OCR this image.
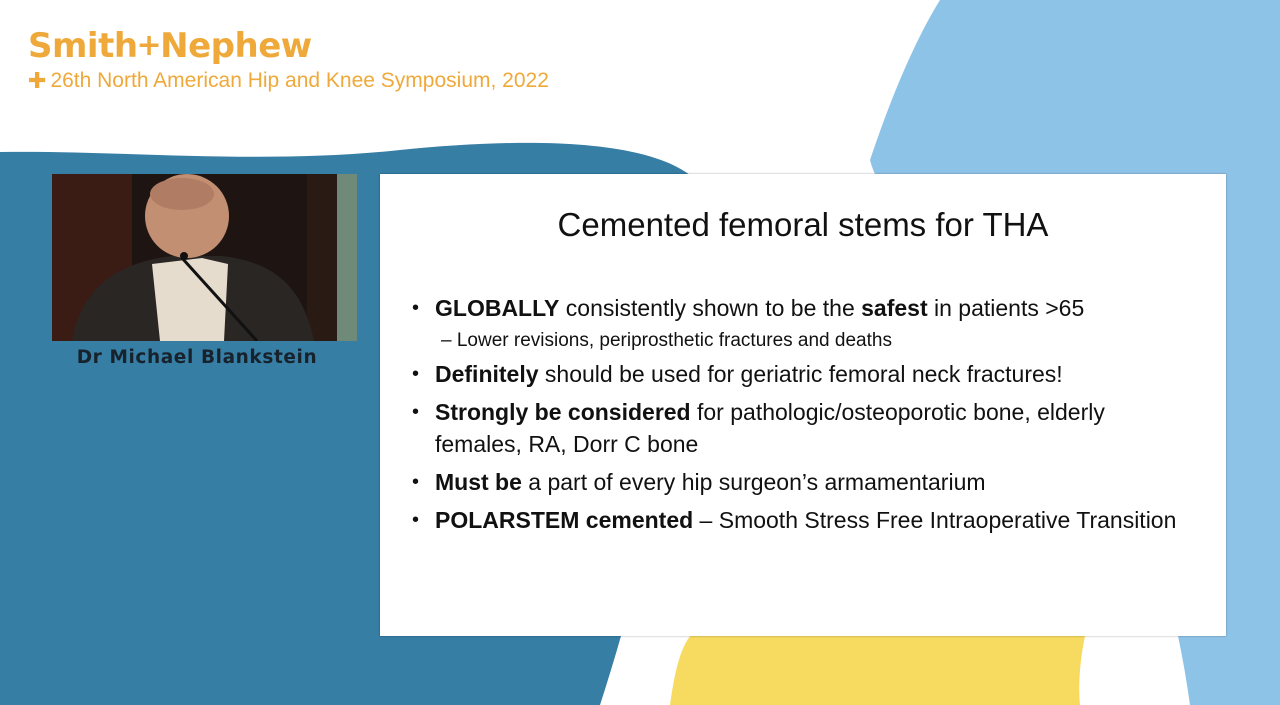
Smith + Nephew
✚ 26th North American Hip and Knee Symposium, 2022
Dr Michael Blankstein
Cemented femoral stems for THA
• GLOBALLY consistently shown to be the safest in patients >65
– Lower revisions, periprosthetic fractures and deaths
• Definitely should be used for geriatric femoral neck fractures!
• Strongly be considered for pathologic/osteoporotic bone, elderly females, RA, Dorr C bone
• Must be a part of every hip surgeon’s armamentarium
• POLARSTEM cemented – Smooth Stress Free Intraoperative Transition
